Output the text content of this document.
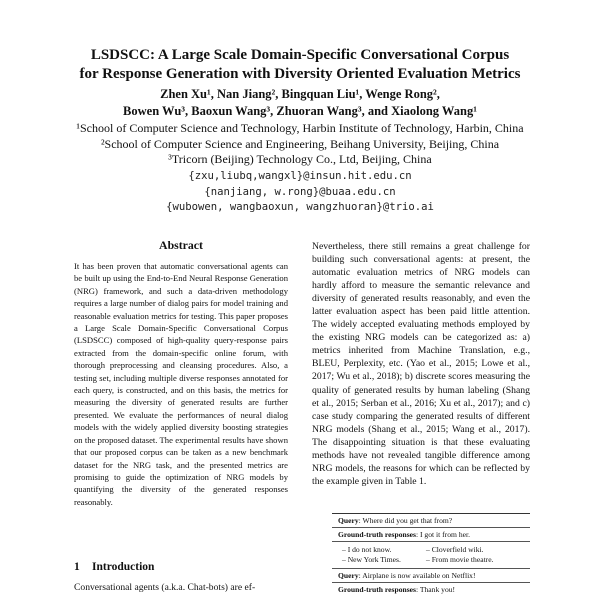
LSDSCC: A Large Scale Domain-Specific Conversational Corpus
for Response Generation with Diversity Oriented Evaluation Metrics
Zhen Xu¹, Nan Jiang², Bingquan Liu¹, Wenge Rong²,
Bowen Wu³, Baoxun Wang³, Zhuoran Wang³, and Xiaolong Wang¹
¹School of Computer Science and Technology, Harbin Institute of Technology, Harbin, China
²School of Computer Science and Engineering, Beihang University, Beijing, China
³Tricorn (Beijing) Technology Co., Ltd, Beijing, China
{zxu,liubq,wangxl}@insun.hit.edu.cn
{nanjiang, w.rong}@buaa.edu.cn
{wubowen, wangbaoxun, wangzhuoran}@trio.ai
Abstract
It has been proven that automatic conversational agents can be built up using the End-to-End Neural Response Generation (NRG) framework, and such a data-driven methodology requires a large number of dialog pairs for model training and reasonable evaluation metrics for testing. This paper proposes a Large Scale Domain-Specific Conversational Corpus (LSDSCC) composed of high-quality query-response pairs extracted from the domain-specific online forum, with thorough preprocessing and cleansing procedures. Also, a testing set, including multiple diverse responses annotated for each query, is constructed, and on this basis, the metrics for measuring the diversity of generated results are further presented. We evaluate the performances of neural dialog models with the widely applied diversity boosting strategies on the proposed dataset. The experimental results have shown that our proposed corpus can be taken as a new benchmark dataset for the NRG task, and the presented metrics are promising to guide the optimization of NRG models by quantifying the diversity of the generated responses reasonably.
1 Introduction
Conversational agents (a.k.a. Chat-bots) are ef-
Nevertheless, there still remains a great challenge for building such conversational agents: at present, the automatic evaluation metrics of NRG models can hardly afford to measure the semantic relevance and diversity of generated results reasonably, and even the latter evaluation aspect has been paid little attention. The widely accepted evaluating methods employed by the existing NRG models can be categorized as: a) metrics inherited from Machine Translation, e.g., BLEU, Perplexity, etc. (Yao et al., 2015; Lowe et al., 2017; Wu et al., 2018); b) discrete scores measuring the quality of generated results by human labeling (Shang et al., 2015; Serban et al., 2016; Xu et al., 2017); and c) case study comparing the generated results of different NRG models (Shang et al., 2015; Wang et al., 2017). The disappointing situation is that these evaluating methods have not revealed tangible difference among NRG models, the reasons for which can be reflected by the example given in Table 1.
Query: Where did you get that from?
Ground-truth responses: I got it from her.
– I do not know.	– Cloverfield wiki.
– New York Times.	– From movie theatre.
Query: Airplane is now available on Netflix!
Ground-truth responses: Thank you!
